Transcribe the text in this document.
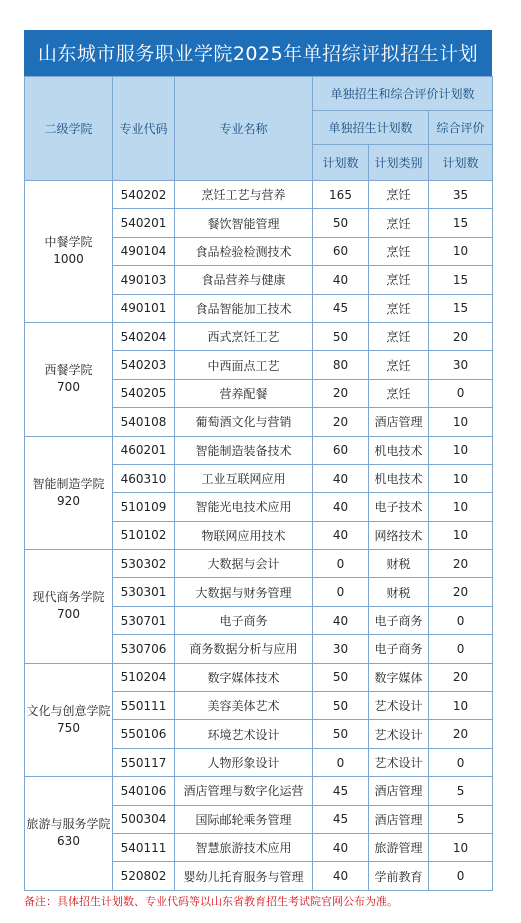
山东城市服务职业学院2025年单招综评拟招生计划
二级学院	专业代码	专业名称	单独招生和综合评价计划数		
			单独招生计划数		综合评价
			计划数	计划类别	计划数

中餐学院
1000	540202	烹饪工艺与营养	165	烹饪	35
	540201	餐饮智能管理	50	烹饪	15
	490104	食品检验检测技术	60	烹饪	10
	490103	食品营养与健康	40	烹饪	15
	490101	食品智能加工技术	45	烹饪	15

西餐学院
700	540204	西式烹饪工艺	50	烹饪	20
	540203	中西面点工艺	80	烹饪	30
	540205	营养配餐	20	烹饪	0
	540108	葡萄酒文化与营销	20	酒店管理	10

智能制造学院
920	460201	智能制造装备技术	60	机电技术	10
	460310	工业互联网应用	40	机电技术	10
	510109	智能光电技术应用	40	电子技术	10
	510102	物联网应用技术	40	网络技术	10

现代商务学院
700	530302	大数据与会计	0	财税	20
	530301	大数据与财务管理	0	财税	20
	530701	电子商务	40	电子商务	0
	530706	商务数据分析与应用	30	电子商务	0

文化与创意学院
750	510204	数字媒体技术	50	数字媒体	20
	550111	美容美体艺术	50	艺术设计	10
	550106	环境艺术设计	50	艺术设计	20
	550117	人物形象设计	0	艺术设计	0

旅游与服务学院
630	540106	酒店管理与数字化运营	45	酒店管理	5
	500304	国际邮轮乘务管理	45	酒店管理	5
	540111	智慧旅游技术应用	40	旅游管理	10
	520802	婴幼儿托育服务与管理	40	学前教育	0
备注：具体招生计划数、专业代码等以山东省教育招生考试院官网公布为准。
